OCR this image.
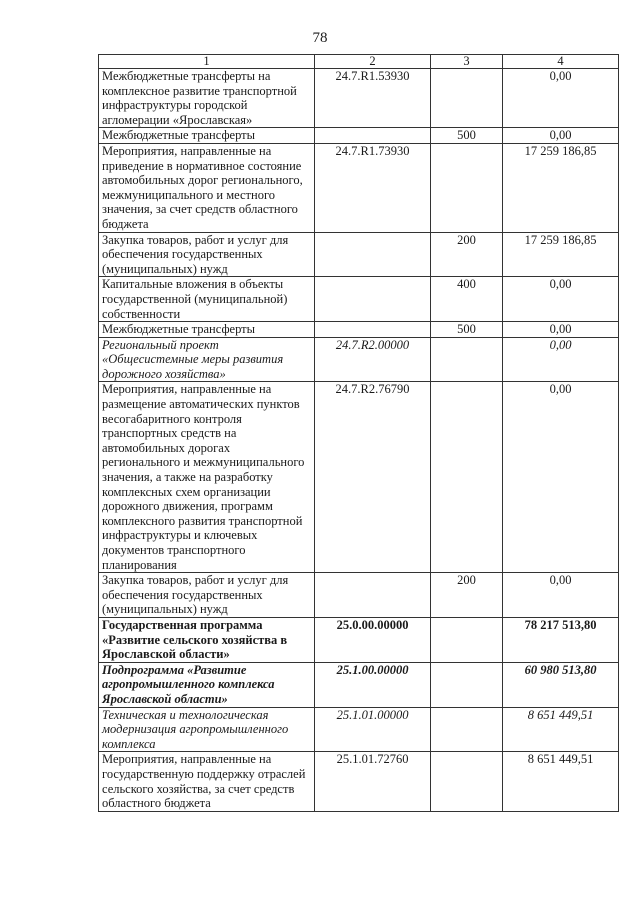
78
1	2	3	4
Межбюджетные трансферты на комплексное развитие транспортной инфраструктуры городской агломерации «Ярославская»	24.7.R1.53930		0,00
Межбюджетные трансферты		500	0,00
Мероприятия, направленные на приведение в нормативное состояние автомобильных дорог регионального, межмуниципального и местного значения, за счет средств областного бюджета	24.7.R1.73930		17 259 186,85
Закупка товаров, работ и услуг для обеспечения государственных (муниципальных) нужд		200	17 259 186,85
Капитальные вложения в объекты государственной (муниципальной) собственности		400	0,00
Межбюджетные трансферты		500	0,00
Региональный проект «Общесистемные меры развития дорожного хозяйства»	24.7.R2.00000		0,00
Мероприятия, направленные на размещение автоматических пунктов весогабаритного контроля транспортных средств на автомобильных дорогах регионального и межмуниципального значения, а также на разработку комплексных схем организации дорожного движения, программ комплексного развития транспортной инфраструктуры и ключевых документов транспортного планирования	24.7.R2.76790		0,00
Закупка товаров, работ и услуг для обеспечения государственных (муниципальных) нужд		200	0,00
Государственная программа «Развитие сельского хозяйства в Ярославской области»	25.0.00.00000		78 217 513,80
Подпрограмма «Развитие агропромышленного комплекса Ярославской области»	25.1.00.00000		60 980 513,80
Техническая и технологическая модернизация агропромышленного комплекса	25.1.01.00000		8 651 449,51
Мероприятия, направленные на государственную поддержку отраслей сельского хозяйства, за счет средств областного бюджета	25.1.01.72760		8 651 449,51
